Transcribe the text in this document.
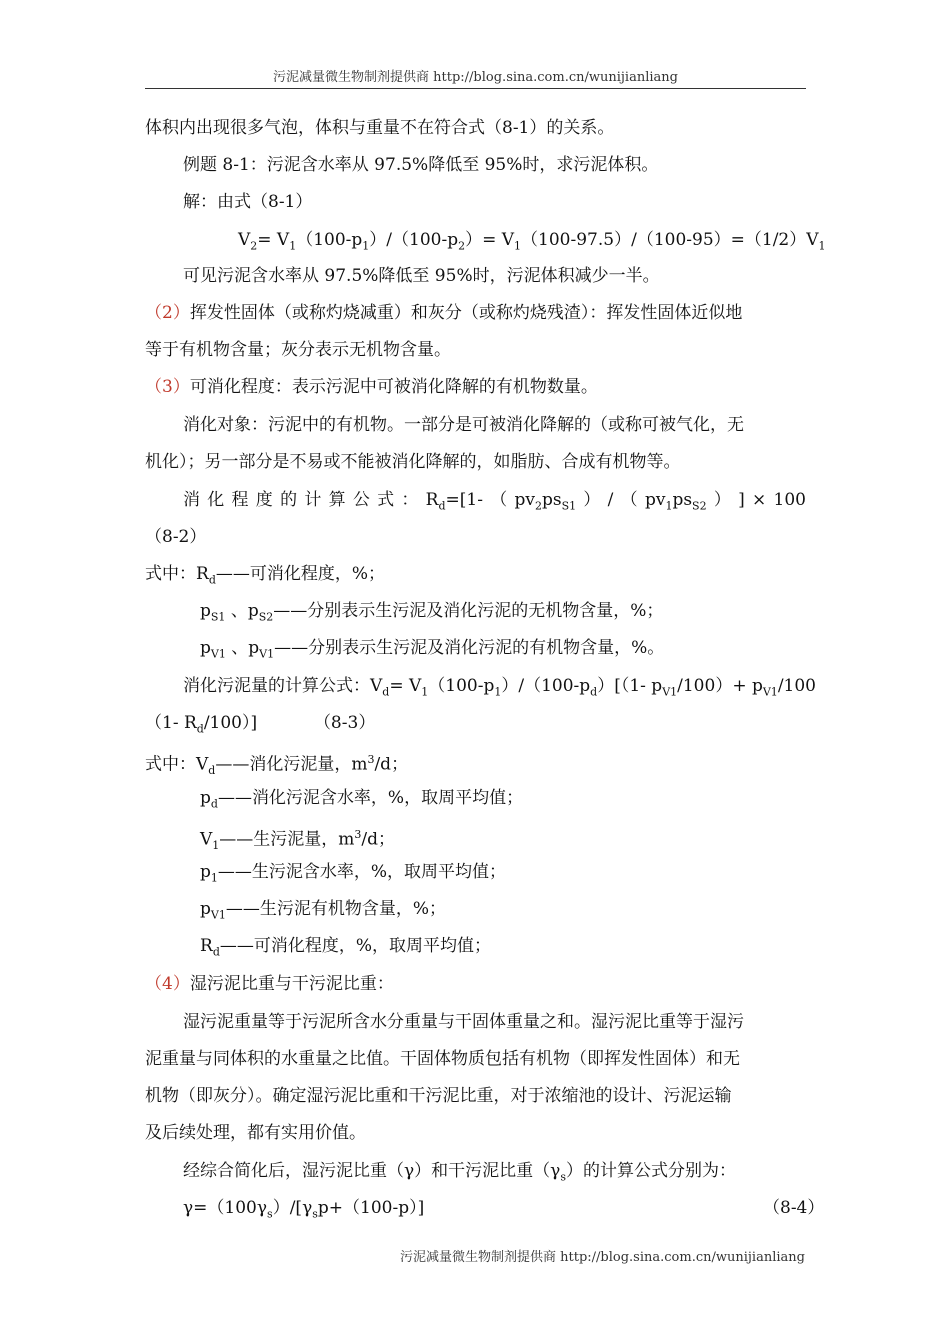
污泥减量微生物制剂提供商 http://blog.sina.com.cn/wunijianliang
体积内出现很多气泡，体积与重量不在符合式（8-1）的关系。
例题 8-1：污泥含水率从 97.5%降低至 95%时，求污泥体积。
解：由式（8-1）
$V_2= V_1(100-p_1)/(100-p_2)= V_1(100-97.5)/(100-95)=(1/2)V_1$
可见污泥含水率从 97.5%降低至 95%时，污泥体积减少一半。
（2）挥发性固体（或称灼烧减重）和灰分（或称灼烧残渣）：挥发性固体近似地
等于有机物含量；灰分表示无机物含量。
（3）可消化程度：表示污泥中可被消化降解的有机物数量。
消化对象：污泥中的有机物。一部分是可被消化降解的（或称可被气化，无
机化）；另一部分是不易或不能被消化降解的，如脂肪、合成有机物等。
消 化 程 度 的 计 算 公 式 ： $R_d=[1-$ （ $pv_2ps_{S1}$ ） / （ $pv_1ps_{S2}$ ） ] × 100
（8-2）
式中：$R_d——$可消化程度，%；
$p_{S1}$ 、$p_{S2}——$分别表示生污泥及消化污泥的无机物含量，%；
$p_{V1}$ 、$p_{V1}——$分别表示生污泥及消化污泥的有机物含量，%。
消化污泥量的计算公式：$V_d= V_1(100-p_1)/(100-p_d)[(1-$ $p_{V1}/100)+ p_{V1}/100$
（1- $R_d/100$）]	（8-3）
式中：$V_d——$消化污泥量，$m^3/d$；
$p_d——$消化污泥含水率，%，取周平均值；
$V_1——$生污泥量，$m^3/d$；
$p_1——$生污泥含水率，%，取周平均值；
$p_{V1}——$生污泥有机物含量，%；
$R_d——$可消化程度，%，取周平均值；
（4）湿污泥比重与干污泥比重：
湿污泥重量等于污泥所含水分重量与干固体重量之和。湿污泥比重等于湿污
泥重量与同体积的水重量之比值。干固体物质包括有机物（即挥发性固体）和无
机物（即灰分）。确定湿污泥比重和干污泥比重，对于浓缩池的设计、污泥运输
及后续处理，都有实用价值。
经综合简化后，湿污泥比重（γ）和干污泥比重$(\gamma_s)$的计算公式分别为：
$\gamma=(100\gamma_s)/[\gamma_sp+(100-p)]$	（8-4）
污泥减量微生物制剂提供商 http://blog.sina.com.cn/wunijianliang
